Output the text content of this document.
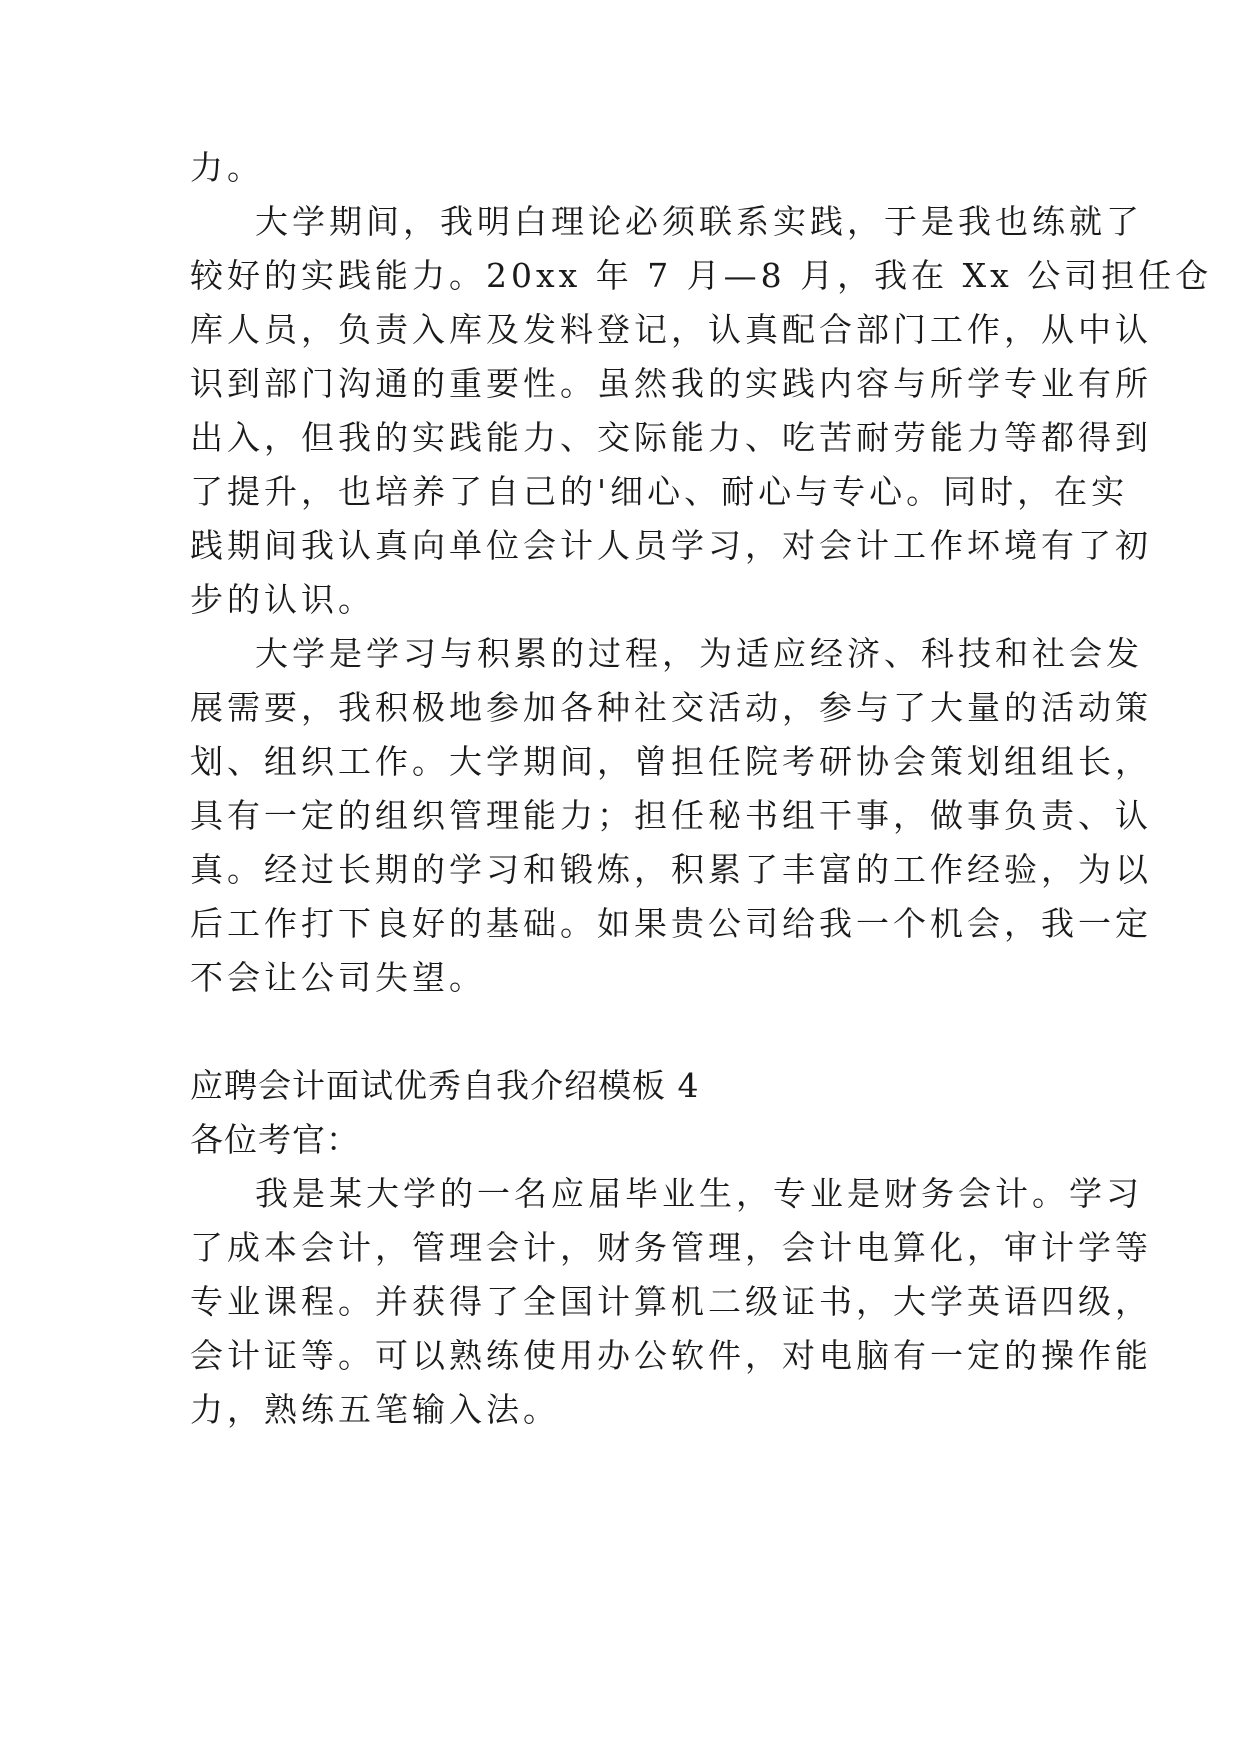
力。
大学期间，我明白理论必须联系实践，于是我也练就了
较好的实践能力。20xx 年 7 月—8 月，我在 Xx 公司担任仓
库人员，负责入库及发料登记，认真配合部门工作，从中认
识到部门沟通的重要性。虽然我的实践内容与所学专业有所
出入，但我的实践能力、交际能力、吃苦耐劳能力等都得到
了提升，也培养了自己的'细心、耐心与专心。同时，在实
践期间我认真向单位会计人员学习，对会计工作坏境有了初
步的认识。
大学是学习与积累的过程，为适应经济、科技和社会发
展需要，我积极地参加各种社交活动，参与了大量的活动策
划、组织工作。大学期间，曾担任院考研协会策划组组长，
具有一定的组织管理能力；担任秘书组干事，做事负责、认
真。经过长期的学习和锻炼，积累了丰富的工作经验，为以
后工作打下良好的基础。如果贵公司给我一个机会，我一定
不会让公司失望。
应聘会计面试优秀自我介绍模板 4
各位考官：
我是某大学的一名应届毕业生，专业是财务会计。学习
了成本会计，管理会计，财务管理，会计电算化，审计学等
专业课程。并获得了全国计算机二级证书，大学英语四级，
会计证等。可以熟练使用办公软件，对电脑有一定的操作能
力，熟练五笔输入法。
